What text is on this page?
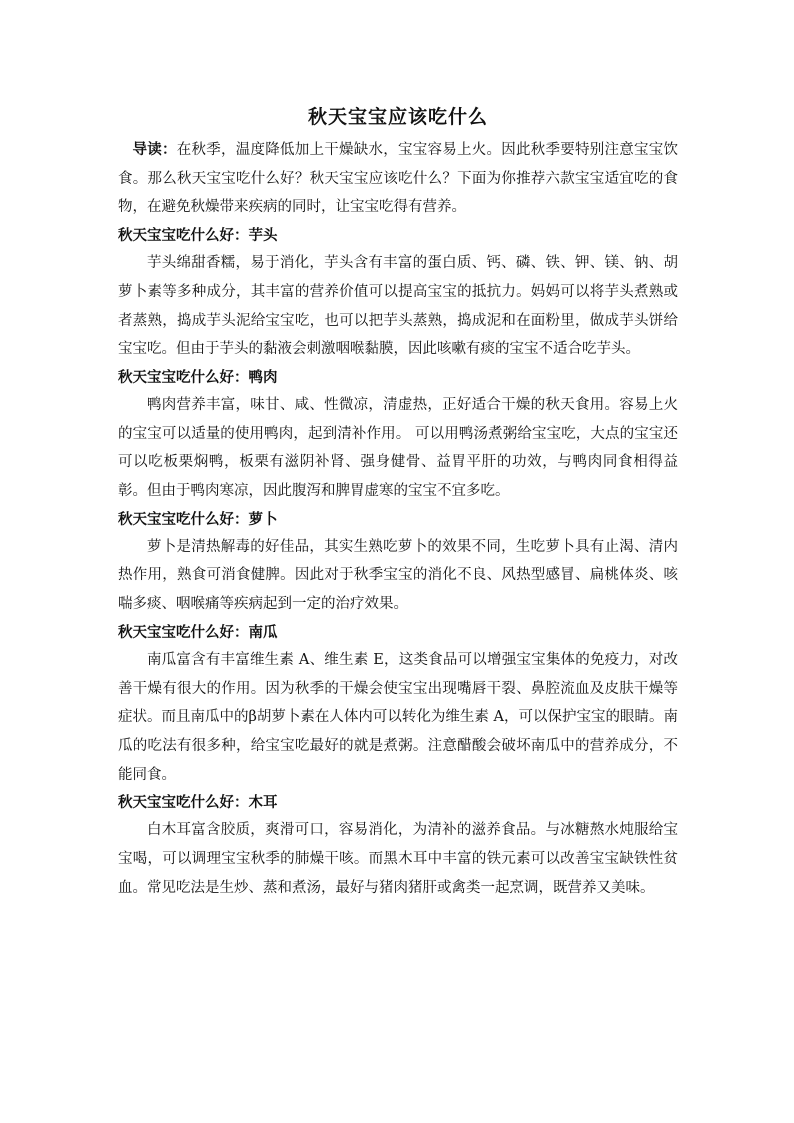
秋天宝宝应该吃什么

导读：在秋季，温度降低加上干燥缺水，宝宝容易上火。因此秋季要特别注意宝宝饮食。那么秋天宝宝吃什么好？秋天宝宝应该吃什么？下面为你推荐六款宝宝适宜吃的食物，在避免秋燥带来疾病的同时，让宝宝吃得有营养。

秋天宝宝吃什么好：芋头

芋头绵甜香糯，易于消化，芋头含有丰富的蛋白质、钙、磷、铁、钾、镁、钠、胡萝卜素等多种成分，其丰富的营养价值可以提高宝宝的抵抗力。妈妈可以将芋头煮熟或者蒸熟，捣成芋头泥给宝宝吃，也可以把芋头蒸熟，捣成泥和在面粉里，做成芋头饼给宝宝吃。但由于芋头的黏液会刺激咽喉黏膜，因此咳嗽有痰的宝宝不适合吃芋头。

秋天宝宝吃什么好：鸭肉

鸭肉营养丰富，味甘、咸、性微凉，清虚热，正好适合干燥的秋天食用。容易上火的宝宝可以适量的使用鸭肉，起到清补作用。 可以用鸭汤煮粥给宝宝吃，大点的宝宝还可以吃板栗焖鸭，板栗有滋阴补肾、强身健骨、益胃平肝的功效，与鸭肉同食相得益彰。但由于鸭肉寒凉，因此腹泻和脾胃虚寒的宝宝不宜多吃。

秋天宝宝吃什么好：萝卜

萝卜是清热解毒的好佳品，其实生熟吃萝卜的效果不同，生吃萝卜具有止渴、清内热作用，熟食可消食健脾。因此对于秋季宝宝的消化不良、风热型感冒、扁桃体炎、咳喘多痰、咽喉痛等疾病起到一定的治疗效果。

秋天宝宝吃什么好：南瓜

南瓜富含有丰富维生素 A、维生素 E，这类食品可以增强宝宝集体的免疫力，对改善干燥有很大的作用。因为秋季的干燥会使宝宝出现嘴唇干裂、鼻腔流血及皮肤干燥等症状。而且南瓜中的β胡萝卜素在人体内可以转化为维生素 A，可以保护宝宝的眼睛。南瓜的吃法有很多种，给宝宝吃最好的就是煮粥。注意醋酸会破坏南瓜中的营养成分，不能同食。

秋天宝宝吃什么好：木耳

白木耳富含胶质，爽滑可口，容易消化，为清补的滋养食品。与冰糖熬水炖服给宝宝喝，可以调理宝宝秋季的肺燥干咳。而黑木耳中丰富的铁元素可以改善宝宝缺铁性贫血。常见吃法是生炒、蒸和煮汤，最好与猪肉猪肝或禽类一起烹调，既营养又美味。
